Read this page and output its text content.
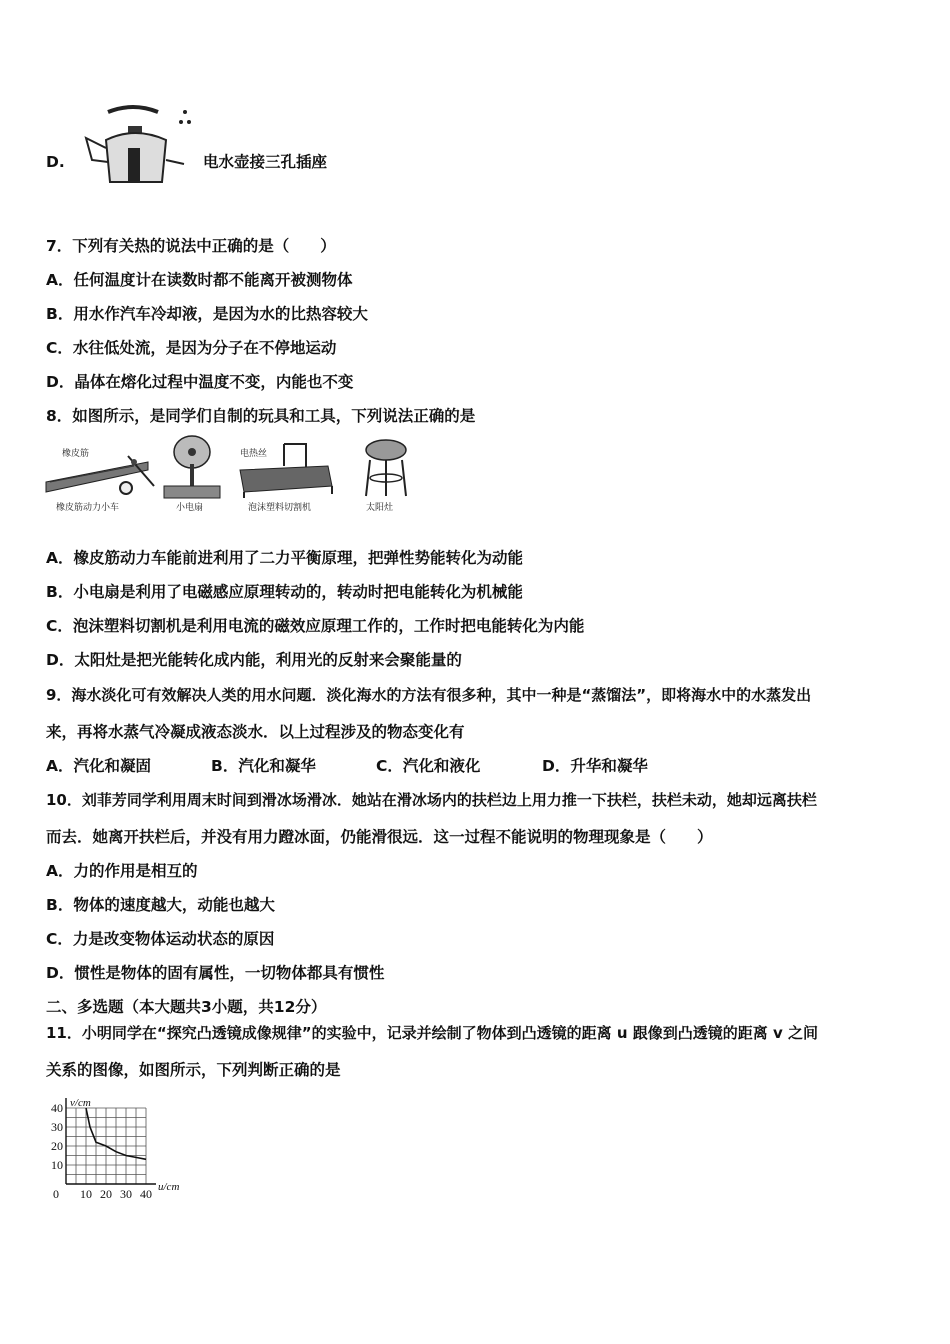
D.	电水壶接三孔插座
7．下列有关热的说法中正确的是（　　）
A．任何温度计在读数时都不能离开被测物体
B．用水作汽车冷却液，是因为水的比热容较大
C．水往低处流，是因为分子在不停地运动
D．晶体在熔化过程中温度不变，内能也不变
8．如图所示，是同学们自制的玩具和工具，下列说法正确的是
橡皮筋
橡皮筋动力小车	小电扇
电热丝
泡沫塑料切割机	太阳灶
A．橡皮筋动力车能前进利用了二力平衡原理，把弹性势能转化为动能
B．小电扇是利用了电磁感应原理转动的，转动时把电能转化为机械能
C．泡沫塑料切割机是利用电流的磁效应原理工作的，工作时把电能转化为内能
D．太阳灶是把光能转化成内能，利用光的反射来会聚能量的
9．海水淡化可有效解决人类的用水问题．淡化海水的方法有很多种，其中一种是“蒸馏法”，即将海水中的水蒸发出
来，再将水蒸气冷凝成液态淡水．以上过程涉及的物态变化有
A．汽化和凝固	B．汽化和凝华	C．汽化和液化	D．升华和凝华
10．刘菲芳同学利用周末时间到滑冰场滑冰．她站在滑冰场内的扶栏边上用力推一下扶栏，扶栏未动，她却远离扶栏
而去．她离开扶栏后，并没有用力蹬冰面，仍能滑很远．这一过程不能说明的物理现象是（　　）
A．力的作用是相互的
B．物体的速度越大，动能也越大
C．力是改变物体运动状态的原因
D．惯性是物体的固有属性，一切物体都具有惯性
二、多选题（本大题共3小题，共12分）
11．小明同学在“探究凸透镜成像规律”的实验中，记录并绘制了物体到凸透镜的距离 u 跟像到凸透镜的距离 v 之间
关系的图像，如图所示，下列判断正确的是
10 20 30 40
10
20
30
40
0	u/cm
v/cm
